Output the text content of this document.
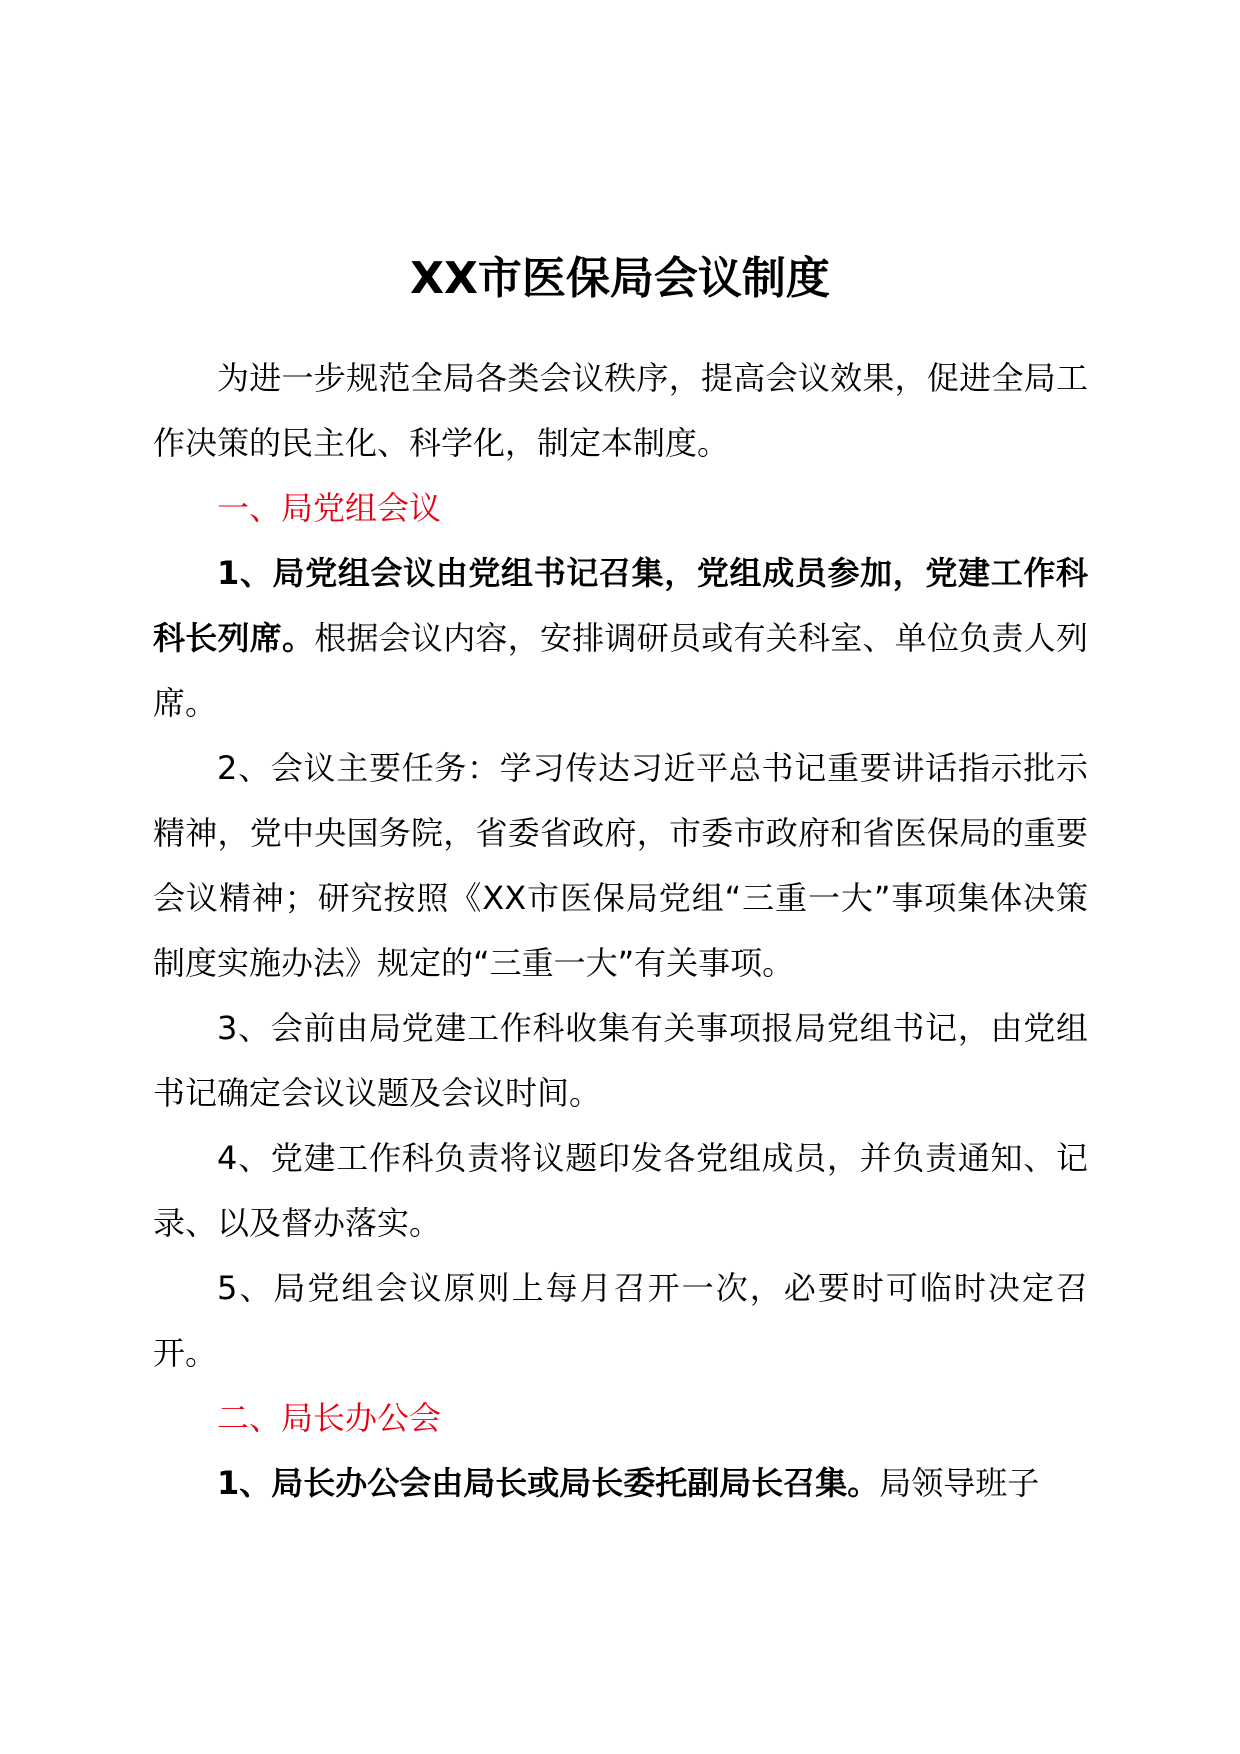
XX市医保局会议制度

为进一步规范全局各类会议秩序，提高会议效果，促进全局工作决策的民主化、科学化，制定本制度。

一、局党组会议

1、局党组会议由党组书记召集，党组成员参加，党建工作科科长列席。根据会议内容，安排调研员或有关科室、单位负责人列席。

2、会议主要任务：学习传达习近平总书记重要讲话指示批示精神，党中央国务院，省委省政府，市委市政府和省医保局的重要会议精神；研究按照《XX市医保局党组“三重一大”事项集体决策制度实施办法》规定的“三重一大”有关事项。

3、会前由局党建工作科收集有关事项报局党组书记，由党组书记确定会议议题及会议时间。

4、党建工作科负责将议题印发各党组成员，并负责通知、记录、以及督办落实。

5、局党组会议原则上每月召开一次，必要时可临时决定召开。

二、局长办公会

1、局长办公会由局长或局长委托副局长召集。局领导班子
